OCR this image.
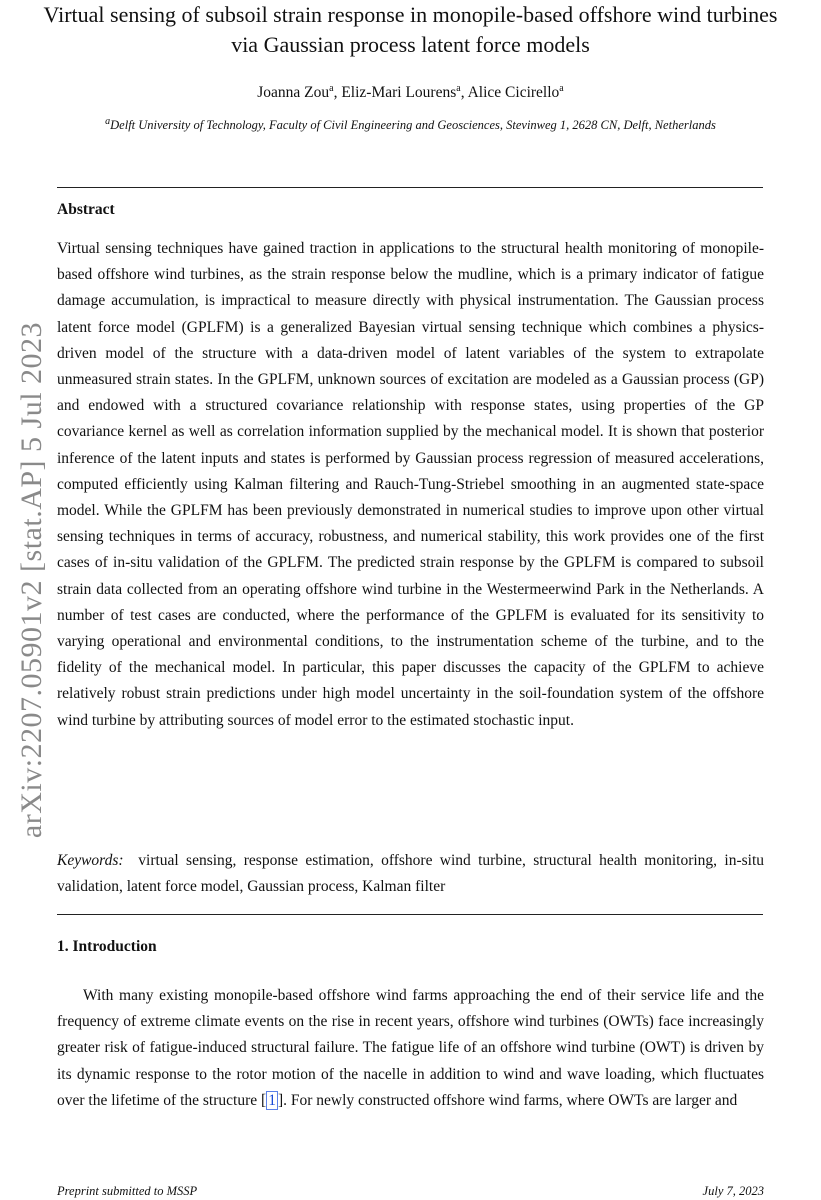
arXiv:2207.05901v2 [stat.AP] 5 Jul 2023
Virtual sensing of subsoil strain response in monopile-based offshore wind turbines
via Gaussian process latent force models
Joanna Zou$^a$, Eliz-Mari Lourens$^a$, Alice Cicirello$^a$
$^a$Delft University of Technology, Faculty of Civil Engineering and Geosciences, Stevinweg 1, 2628 CN, Delft, Netherlands
Abstract

Virtual sensing techniques have gained traction in applications to the structural health monitoring of monopile-based offshore wind turbines, as the strain response below the mudline, which is a primary indicator of fatigue damage accumulation, is impractical to measure directly with physical instrumentation. The Gaussian process latent force model (GPLFM) is a generalized Bayesian virtual sensing technique which combines a physics-driven model of the structure with a data-driven model of latent variables of the system to extrapolate unmeasured strain states. In the GPLFM, unknown sources of excitation are modeled as a Gaussian process (GP) and endowed with a structured covariance relationship with response states, using properties of the GP covariance kernel as well as correlation information supplied by the mechanical model. It is shown that posterior inference of the latent inputs and states is performed by Gaussian process regression of measured accelerations, computed efficiently using Kalman filtering and Rauch-Tung-Striebel smoothing in an augmented state-space model. While the GPLFM has been previously demonstrated in numerical studies to improve upon other virtual sensing techniques in terms of accuracy, robustness, and numerical stability, this work provides one of the first cases of in-situ validation of the GPLFM. The predicted strain response by the GPLFM is compared to subsoil strain data collected from an operating offshore wind turbine in the Westermeerwind Park in the Netherlands. A number of test cases are conducted, where the performance of the GPLFM is evaluated for its sensitivity to varying operational and environmental conditions, to the instrumentation scheme of the turbine, and to the fidelity of the mechanical model. In particular, this paper discusses the capacity of the GPLFM to achieve relatively robust strain predictions under high model uncertainty in the soil-foundation system of the offshore wind turbine by attributing sources of model error to the estimated stochastic input.

Keywords: virtual sensing, response estimation, offshore wind turbine, structural health monitoring, in-situ validation, latent force model, Gaussian process, Kalman filter

1. Introduction

With many existing monopile-based offshore wind farms approaching the end of their service life and the frequency of extreme climate events on the rise in recent years, offshore wind turbines (OWTs) face increasingly greater risk of fatigue-induced structural failure. The fatigue life of an offshore wind turbine (OWT) is driven by its dynamic response to the rotor motion of the nacelle in addition to wind and wave loading, which fluctuates over the lifetime of the structure [ 1 ]. For newly constructed offshore wind farms, where OWTs are larger and

Preprint submitted to MSSP	July 7, 2023
